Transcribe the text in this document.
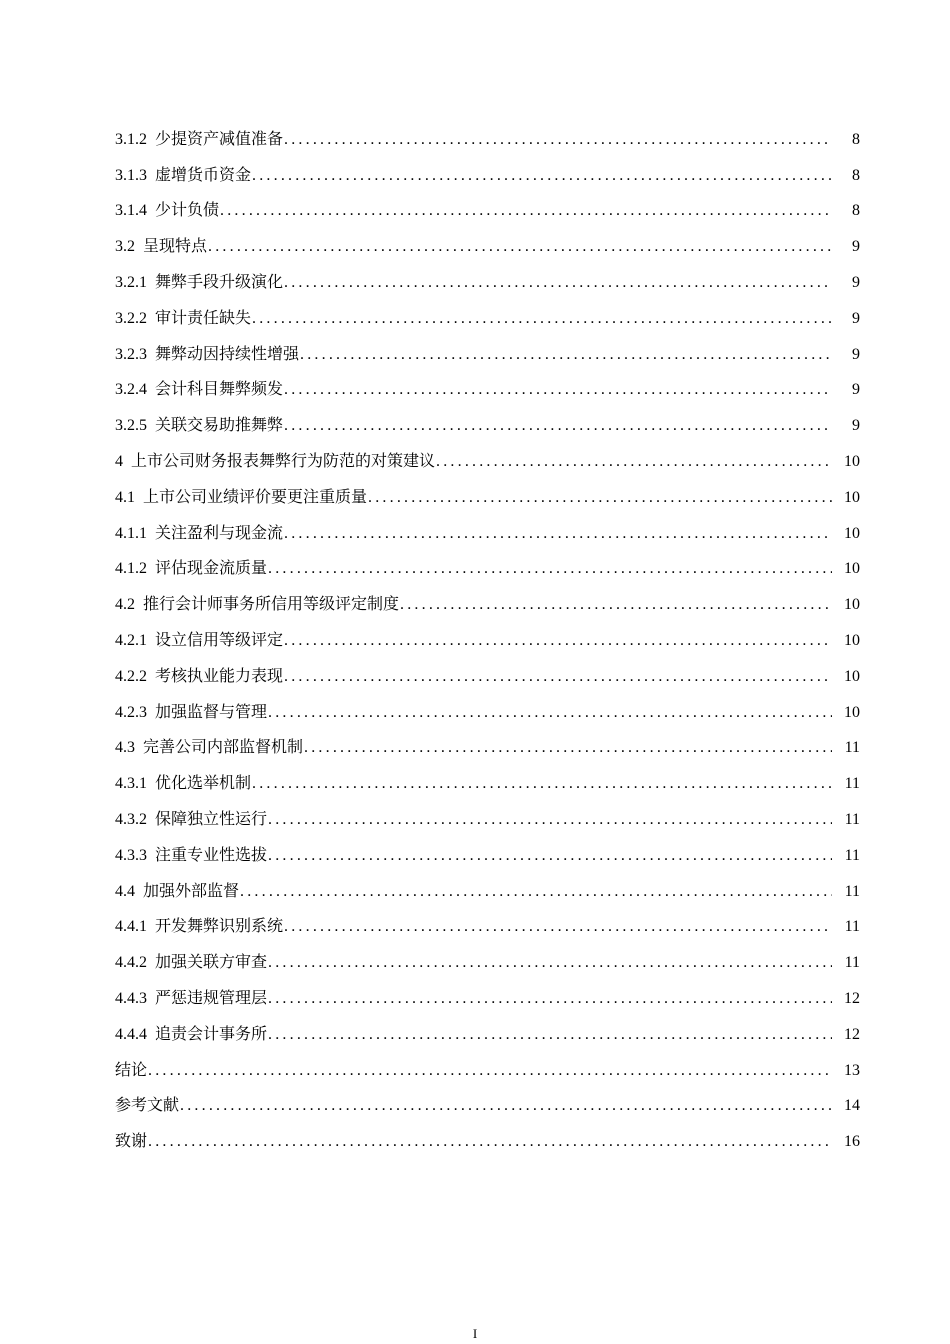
3.1.2 少提资产减值准备 .....	8
3.1.3 虚增货币资金 .....	8
3.1.4 少计负债 .....	8
3.2 呈现特点 .....	9
3.2.1 舞弊手段升级演化 .....	9
3.2.2 审计责任缺失 .....	9
3.2.3 舞弊动因持续性增强 .....	9
3.2.4 会计科目舞弊频发 .....	9
3.2.5 关联交易助推舞弊 .....	9
4 上市公司财务报表舞弊行为防范的对策建议 .....	10
4.1 上市公司业绩评价要更注重质量 .....	10
4.1.1 关注盈利与现金流 .....	10
4.1.2 评估现金流质量 .....	10
4.2 推行会计师事务所信用等级评定制度 .....	10
4.2.1 设立信用等级评定 .....	10
4.2.2 考核执业能力表现 .....	10
4.2.3 加强监督与管理 .....	10
4.3 完善公司内部监督机制 .....	11
4.3.1 优化选举机制 .....	11
4.3.2 保障独立性运行 .....	11
4.3.3 注重专业性选拔 .....	11
4.4 加强外部监督 .....	11
4.4.1 开发舞弊识别系统 .....	11
4.4.2 加强关联方审查 .....	11
4.4.3 严惩违规管理层 .....	12
4.4.4 追责会计事务所 .....	12
结论 .....	13
参考文献 .....	14
致谢 .....	16
I
